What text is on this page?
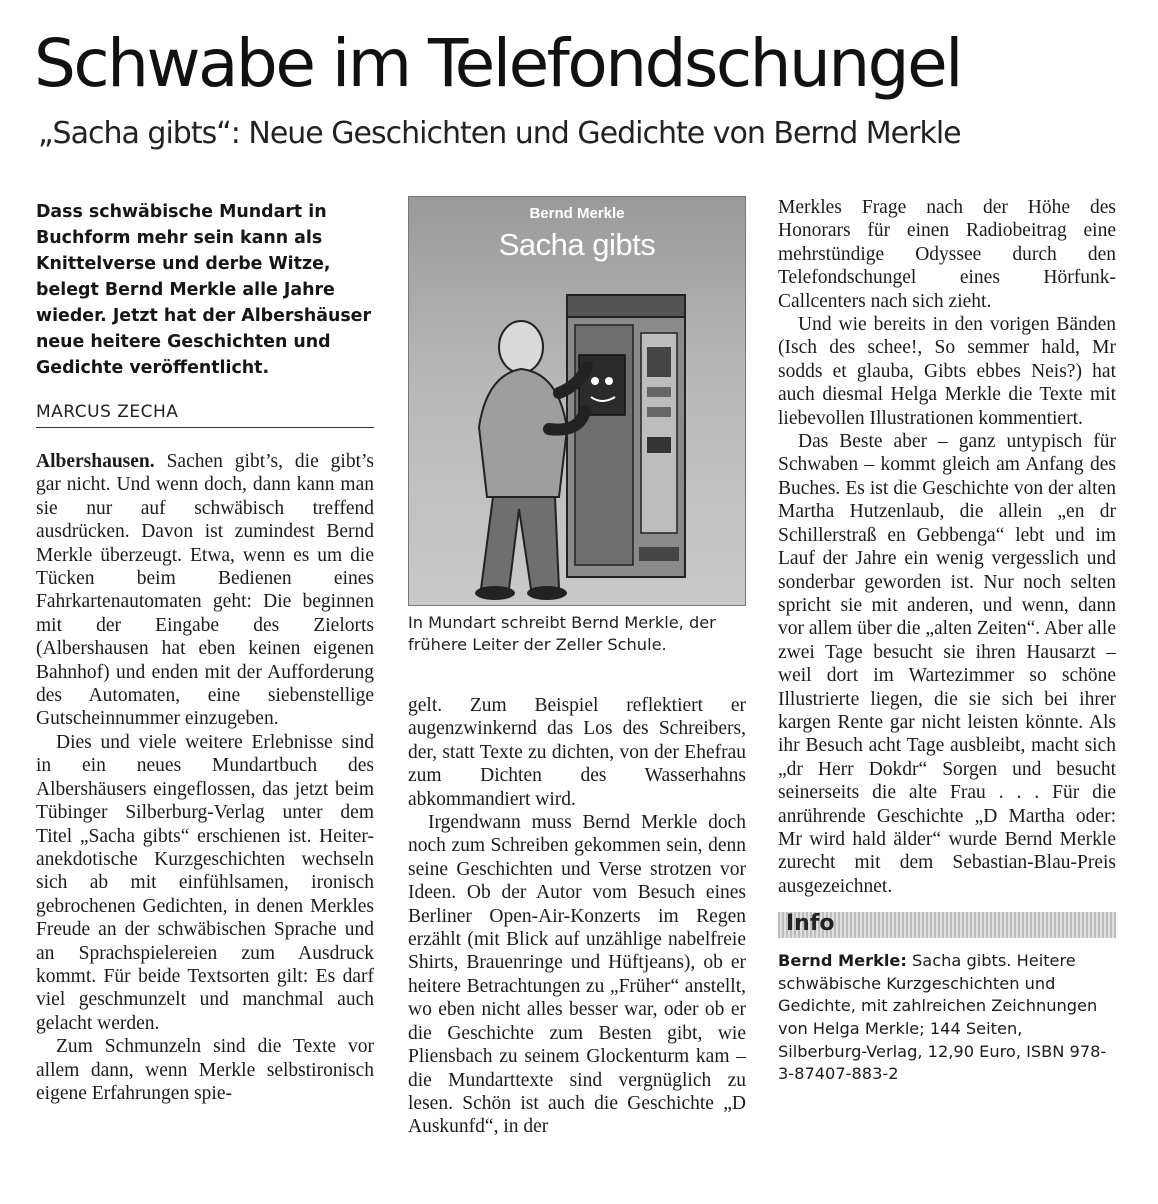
Schwabe im Telefondschungel
„Sacha gibts“: Neue Geschichten und Gedichte von Bernd Merkle

Dass schwäbische Mundart in Buchform mehr sein kann als Knittelverse und derbe Witze, belegt Bernd Merkle alle Jahre wieder. Jetzt hat der Albershäuser neue heitere Geschichten und Gedichte veröffentlicht.

MARCUS ZECHA

Albershausen. Sachen gibt’s, die gibt’s gar nicht. Und wenn doch, dann kann man sie nur auf schwäbisch treffend ausdrücken. Davon ist zumindest Bernd Merkle überzeugt. Etwa, wenn es um die Tücken beim Bedienen eines Fahrkartenautomaten geht: Die beginnen mit der Eingabe des Zielorts (Albershausen hat eben keinen eigenen Bahnhof) und enden mit der Aufforderung des Automaten, eine siebenstellige Gutscheinnummer einzugeben.

Dies und viele weitere Erlebnisse sind in ein neues Mundartbuch des Albershäusers eingeflossen, das jetzt beim Tübinger Silberburg-Verlag unter dem Titel „Sacha gibts“ erschienen ist. Heiter-anekdotische Kurzgeschichten wechseln sich ab mit einfühlsamen, ironisch gebrochenen Gedichten, in denen Merkles Freude an der schwäbischen Sprache und an Sprachspielereien zum Ausdruck kommt. Für beide Textsorten gilt: Es darf viel geschmunzelt und manchmal auch gelacht werden.

Zum Schmunzeln sind die Texte vor allem dann, wenn Merkle selbstironisch eigene Erfahrungen spie-

Bernd Merkle
Sacha gibts

In Mundart schreibt Bernd Merkle, der frühere Leiter der Zeller Schule.

gelt. Zum Beispiel reflektiert er augenzwinkernd das Los des Schreibers, der, statt Texte zu dichten, von der Ehefrau zum Dichten des Wasserhahns abkommandiert wird.

Irgendwann muss Bernd Merkle doch noch zum Schreiben gekommen sein, denn seine Geschichten und Verse strotzen vor Ideen. Ob der Autor vom Besuch eines Berliner Open-Air-Konzerts im Regen erzählt (mit Blick auf unzählige nabelfreie Shirts, Brauenringe und Hüftjeans), ob er heitere Betrachtungen zu „Früher“ anstellt, wo eben nicht alles besser war, oder ob er die Geschichte zum Besten gibt, wie Pliensbach zu seinem Glockenturm kam – die Mundarttexte sind vergnüglich zu lesen. Schön ist auch die Geschichte „D Auskunfd“, in der

Merkles Frage nach der Höhe des Honorars für einen Radiobeitrag eine mehrstündige Odyssee durch den Telefondschungel eines Hörfunk-Callcenters nach sich zieht.

Und wie bereits in den vorigen Bänden (Isch des schee!, So semmer hald, Mr sodds et glauba, Gibts ebbes Neis?) hat auch diesmal Helga Merkle die Texte mit liebevollen Illustrationen kommentiert.

Das Beste aber – ganz untypisch für Schwaben – kommt gleich am Anfang des Buches. Es ist die Geschichte von der alten Martha Hutzenlaub, die allein „en dr Schillerstraß en Gebbenga“ lebt und im Lauf der Jahre ein wenig vergesslich und sonderbar geworden ist. Nur noch selten spricht sie mit anderen, und wenn, dann vor allem über die „alten Zeiten“. Aber alle zwei Tage besucht sie ihren Hausarzt – weil dort im Wartezimmer so schöne Illustrierte liegen, die sie sich bei ihrer kargen Rente gar nicht leisten könnte. Als ihr Besuch acht Tage ausbleibt, macht sich „dr Herr Dokdr“ Sorgen und besucht seinerseits die alte Frau . . . Für die anrührende Geschichte „D Martha oder: Mr wird hald älder“ wurde Bernd Merkle zurecht mit dem Sebastian-Blau-Preis ausgezeichnet.

Info

Bernd Merkle: Sacha gibts. Heitere schwäbische Kurzgeschichten und Gedichte, mit zahlreichen Zeichnungen von Helga Merkle; 144 Seiten, Silberburg-Verlag, 12,90 Euro, ISBN 978-3-87407-883-2
